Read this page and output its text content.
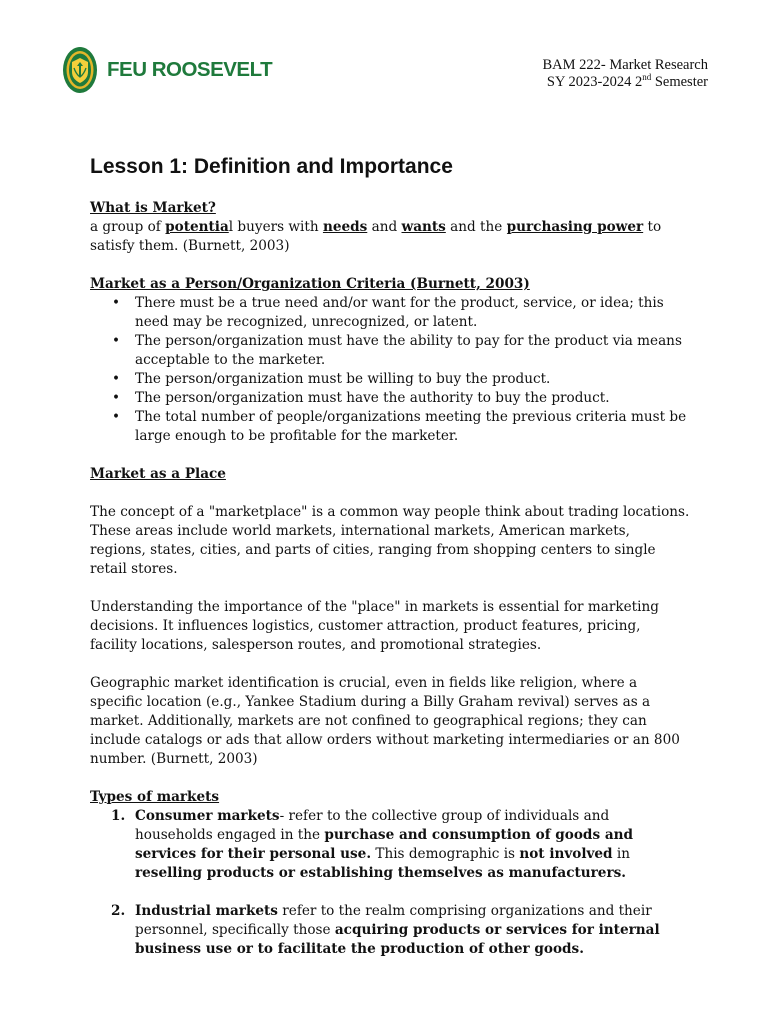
FEU ROOSEVELT	BAM 222- Market Research
SY 2023-2024 2nd Semester
Lesson 1: Definition and Importance

What is Market?

a group of potential buyers with needs and wants and the purchasing power to satisfy them. (Burnett, 2003)

Market as a Person/Organization Criteria (Burnett, 2003)

• There must be a true need and/or want for the product, service, or idea; this need may be recognized, unrecognized, or latent.
• The person/organization must have the ability to pay for the product via means acceptable to the marketer.
• The person/organization must be willing to buy the product.
• The person/organization must have the authority to buy the product.
• The total number of people/organizations meeting the previous criteria must be large enough to be profitable for the marketer.

Market as a Place

The concept of a "marketplace" is a common way people think about trading locations. These areas include world markets, international markets, American markets, regions, states, cities, and parts of cities, ranging from shopping centers to single retail stores.

Understanding the importance of the "place" in markets is essential for marketing decisions. It influences logistics, customer attraction, product features, pricing, facility locations, salesperson routes, and promotional strategies.

Geographic market identification is crucial, even in fields like religion, where a specific location (e.g., Yankee Stadium during a Billy Graham revival) serves as a market. Additionally, markets are not confined to geographical regions; they can include catalogs or ads that allow orders without marketing intermediaries or an 800 number. (Burnett, 2003)

Types of markets

1. Consumer markets- refer to the collective group of individuals and households engaged in the purchase and consumption of goods and services for their personal use. This demographic is not involved in reselling products or establishing themselves as manufacturers.
2. Industrial markets refer to the realm comprising organizations and their personnel, specifically those acquiring products or services for internal business use or to facilitate the production of other goods.
